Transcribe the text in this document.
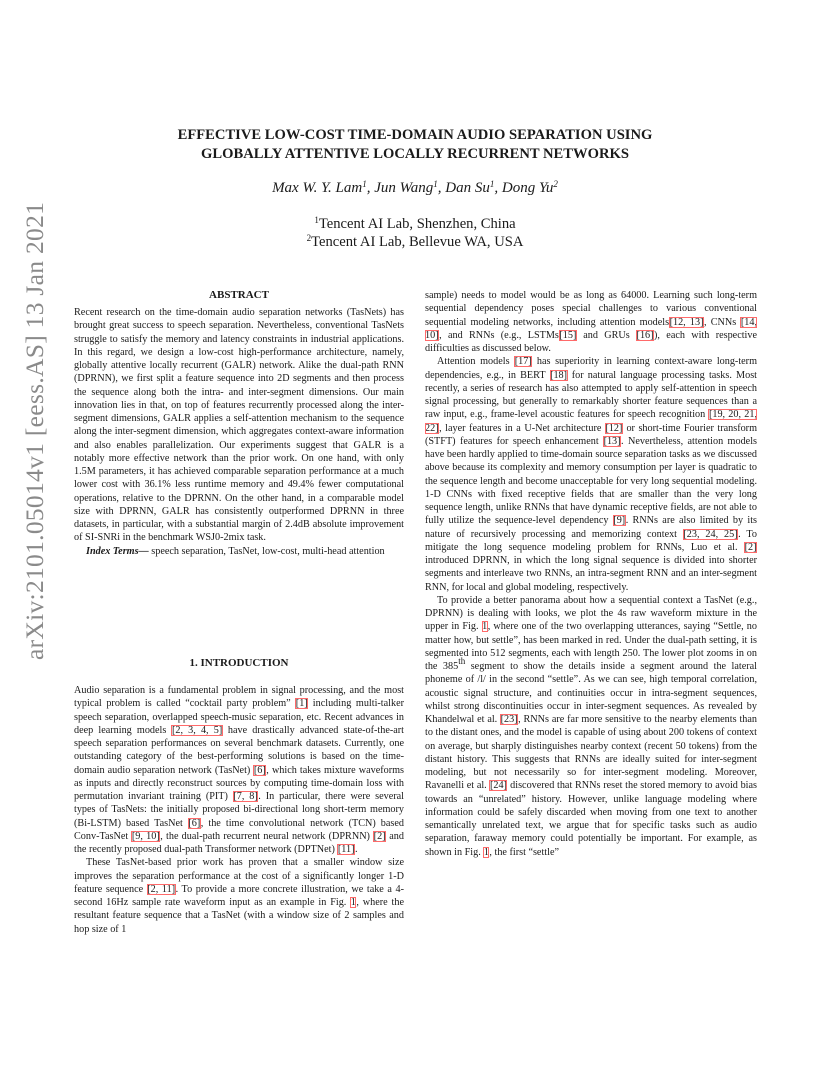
arXiv:2101.05014v1 [eess.AS] 13 Jan 2021
EFFECTIVE LOW-COST TIME-DOMAIN AUDIO SEPARATION USING
GLOBALLY ATTENTIVE LOCALLY RECURRENT NETWORKS
Max W. Y. Lam$^1$, Jun Wang$^1$, Dan Su$^1$, Dong Yu$^2$
$^1$Tencent AI Lab, Shenzhen, China
$^2$Tencent AI Lab, Bellevue WA, USA
ABSTRACT

Recent research on the time-domain audio separation networks (TasNets) has brought great success to speech separation. Nevertheless, conventional TasNets struggle to satisfy the memory and latency constraints in industrial applications. In this regard, we design a low-cost high-performance architecture, namely, globally attentive locally recurrent (GALR) network. Alike the dual-path RNN (DPRNN), we first split a feature sequence into 2D segments and then process the sequence along both the intra- and inter-segment dimensions. Our main innovation lies in that, on top of features recurrently processed along the inter-segment dimensions, GALR applies a self-attention mechanism to the sequence along the inter-segment dimension, which aggregates context-aware information and also enables parallelization. Our experiments suggest that GALR is a notably more effective network than the prior work. On one hand, with only 1.5M parameters, it has achieved comparable separation performance at a much lower cost with 36.1% less runtime memory and 49.4% fewer computational operations, relative to the DPRNN. On the other hand, in a comparable model size with DPRNN, GALR has consistently outperformed DPRNN in three datasets, in particular, with a substantial margin of 2.4dB absolute improvement of SI-SNRi in the benchmark WSJ0-2mix task.

Index Terms— speech separation, TasNet, low-cost, multi-head attention

1. INTRODUCTION

Audio separation is a fundamental problem in signal processing, and the most typical problem is called “cocktail party problem” [1] including multi-talker speech separation, overlapped speech-music separation, etc. Recent advances in deep learning models [2, 3, 4, 5] have drastically advanced state-of-the-art speech separation performances on several benchmark datasets. Currently, one outstanding category of the best-performing solutions is based on the time-domain audio separation network (TasNet) [6], which takes mixture waveforms as inputs and directly reconstruct sources by computing time-domain loss with permutation invariant training (PIT) [7, 8]. In particular, there were several types of TasNets: the initially proposed bi-directional long short-term memory (Bi-LSTM) based TasNet [6], the time convolutional network (TCN) based Conv-TasNet [9, 10], the dual-path recurrent neural network (DPRNN) [2] and the recently proposed dual-path Transformer network (DPTNet) [11].

These TasNet-based prior work has proven that a smaller window size improves the separation performance at the cost of a significantly longer 1-D feature sequence [2, 11]. To provide a more concrete illustration, we take a 4-second 16Hz sample rate waveform input as an example in Fig. 1, where the resultant feature sequence that a TasNet (with a window size of 2 samples and hop size of 1

sample) needs to model would be as long as 64000. Learning such long-term sequential dependency poses special challenges to various conventional sequential modeling networks, including attention models[12, 13], CNNs [14, 10], and RNNs (e.g., LSTMs[15] and GRUs [16]), each with respective difficulties as discussed below.

Attention models [17] has superiority in learning context-aware long-term dependencies, e.g., in BERT [18] for natural language processing tasks. Most recently, a series of research has also attempted to apply self-attention in speech signal processing, but generally to remarkably shorter feature sequences than a raw input, e.g., frame-level acoustic features for speech recognition [19, 20, 21, 22], layer features in a U-Net architecture [12] or short-time Fourier transform (STFT) features for speech enhancement [13]. Nevertheless, attention models have been hardly applied to time-domain source separation tasks as we discussed above because its complexity and memory consumption per layer is quadratic to the sequence length and become unacceptable for very long sequential modeling. 1-D CNNs with fixed receptive fields that are smaller than the very long sequence length, unlike RNNs that have dynamic receptive fields, are not able to fully utilize the sequence-level dependency [9]. RNNs are also limited by its nature of recursively processing and memorizing context [23, 24, 25]. To mitigate the long sequence modeling problem for RNNs, Luo et al. [2] introduced DPRNN, in which the long signal sequence is divided into shorter segments and interleave two RNNs, an intra-segment RNN and an inter-segment RNN, for local and global modeling, respectively.

To provide a better panorama about how a sequential context a TasNet (e.g., DPRNN) is dealing with looks, we plot the 4s raw waveform mixture in the upper in Fig. 1, where one of the two overlapping utterances, saying “Settle, no matter how, but settle”, has been marked in red. Under the dual-path setting, it is segmented into 512 segments, each with length 250. The lower plot zooms in on the 385th segment to show the details inside a segment around the lateral phoneme of /l/ in the second “settle”. As we can see, high temporal correlation, acoustic signal structure, and continuities occur in intra-segment sequences, whilst strong discontinuities occur in inter-segment sequences. As revealed by Khandelwal et al. [23], RNNs are far more sensitive to the nearby elements than to the distant ones, and the model is capable of using about 200 tokens of context on average, but sharply distinguishes nearby context (recent 50 tokens) from the distant history. This suggests that RNNs are ideally suited for inter-segment modeling, but not necessarily so for inter-segment modeling. Moreover, Ravanelli et al. [24] discovered that RNNs reset the stored memory to avoid bias towards an “unrelated” history. However, unlike language modeling where information could be safely discarded when moving from one text to another semantically unrelated text, we argue that for specific tasks such as audio separation, faraway memory could potentially be important. For example, as shown in Fig. 1, the first “settle”
